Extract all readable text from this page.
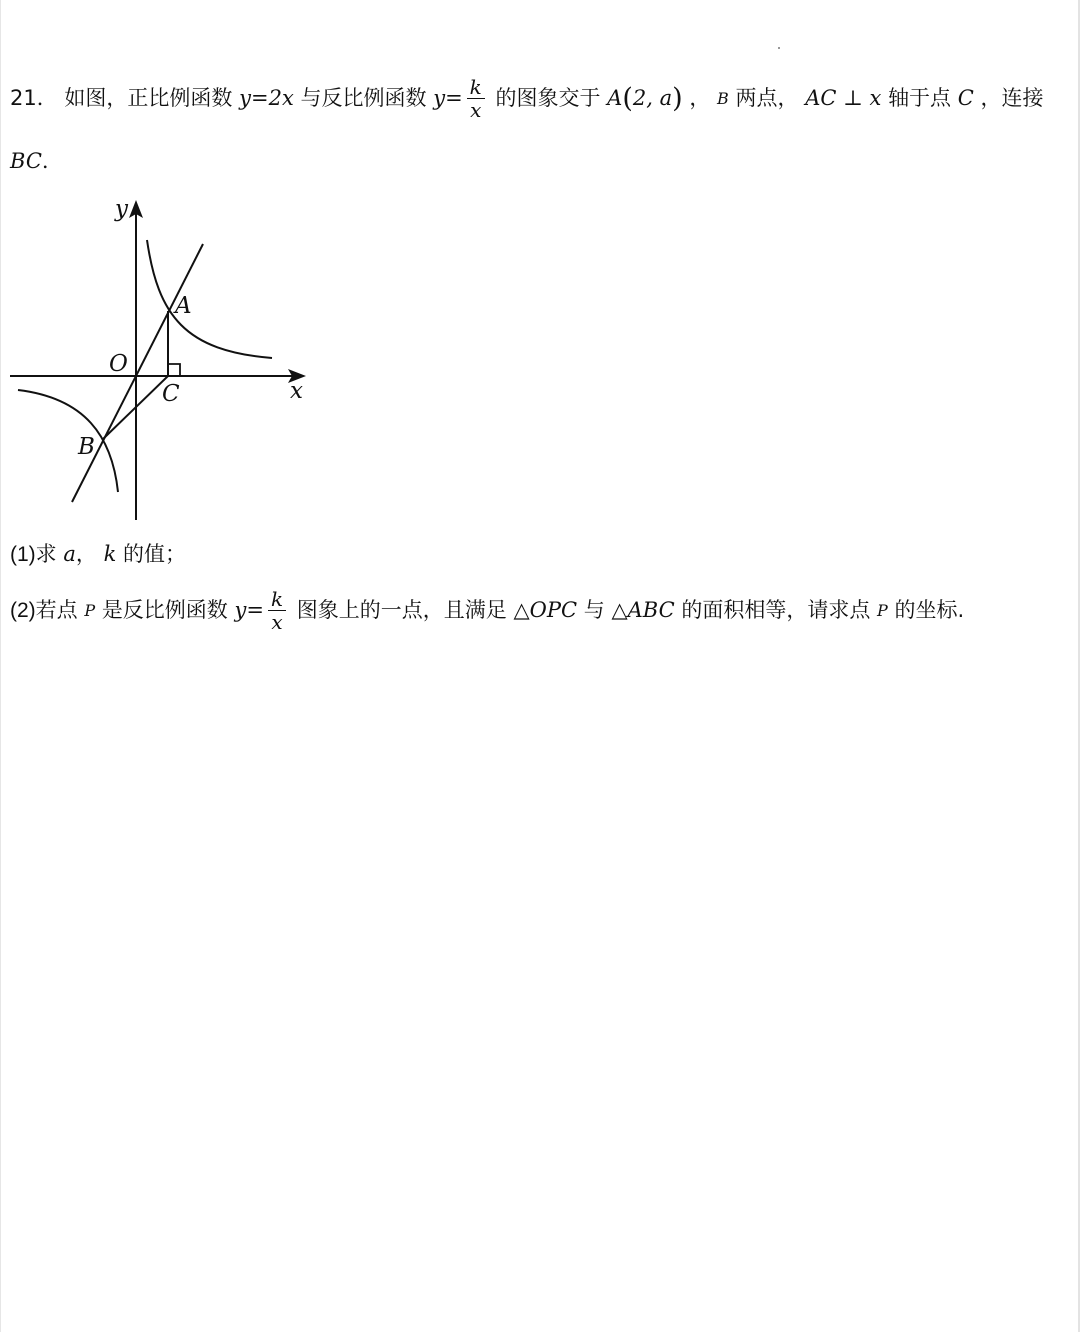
21． 如图，正比例函数 y=2x 与反比例函数 $y= \frac{k}{x}$ 的图象交于 A(2, a) ， B 两点， AC ⊥ x 轴于点 C ，连接
BC.
y
x
O
A
B
C
(1)求 a， k 的值；
(2)若点 P 是反比例函数 $y= \frac{k}{x}$ 图象上的一点，且满足 △OPC 与 △ABC 的面积相等，请求点 P 的坐标.
